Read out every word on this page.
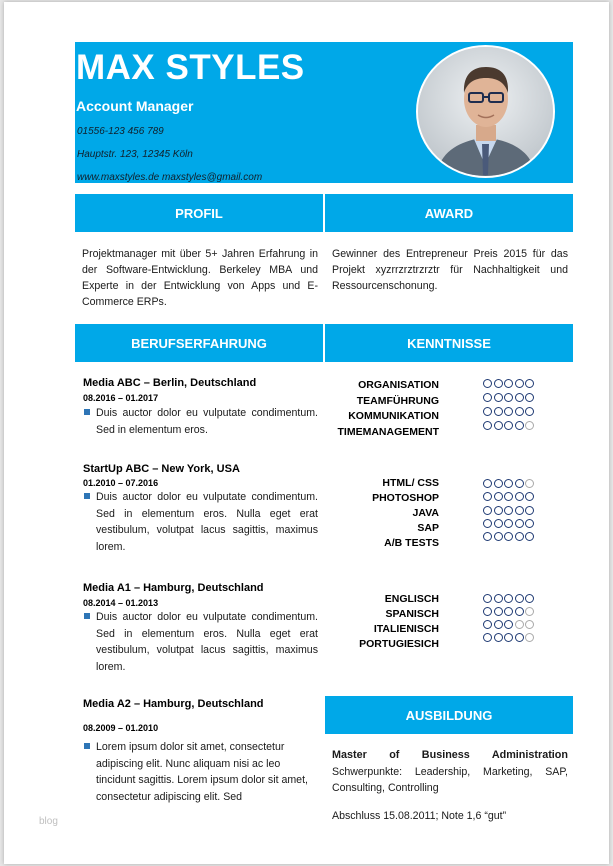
MAX STYLES
Account Manager
01556-123 456 789
Hauptstr. 123, 12345 Köln
www.maxstyles.de maxstyles@gmail.com
PROFIL	AWARD
Projektmanager mit über 5+ Jahren Erfahrung in der Software-Entwicklung. Berkeley MBA und Experte in der Entwicklung von Apps und E-Commerce ERPs.
Gewinner des Entrepreneur Preis 2015 für das Projekt xyzrrzrztrzrztr für Nachhaltigkeit und Ressourcenschonung.
BERUFSERFAHRUNG	KENNTNISSE
Media ABC – Berlin, Deutschland
08.2016 – 01.2017
Duis auctor dolor eu vulputate condimentum. Sed in elementum eros.
StartUp ABC – New York, USA
01.2010 – 07.2016
Duis auctor dolor eu vulputate condimentum. Sed in elementum eros. Nulla eget erat vestibulum, volutpat lacus sagittis, maximus lorem.
Media A1 – Hamburg, Deutschland
08.2014 – 01.2013
Duis auctor dolor eu vulputate condimentum. Sed in elementum eros. Nulla eget erat vestibulum, volutpat lacus sagittis, maximus lorem.
Media A2 – Hamburg, Deutschland
08.2009 – 01.2010
Lorem ipsum dolor sit amet, consectetur adipiscing elit. Nunc aliquam nisi ac leo tincidunt sagittis. Lorem ipsum dolor sit amet, consectetur adipiscing elit. Sed
ORGANISATION
TEAMFÜHRUNG
KOMMUNIKATION
TIMEMANAGEMENT
HTML/ CSS
PHOTOSHOP
JAVA
SAP
A/B TESTS
ENGLISCH
SPANISCH
ITALIENISCH
PORTUGIESICH
AUSBILDUNG
Master of Business Administration
Schwerpunkte: Leadership, Marketing, SAP, Consulting, Controlling
Abschluss 15.08.2011; Note 1,6 “gut”
blog
